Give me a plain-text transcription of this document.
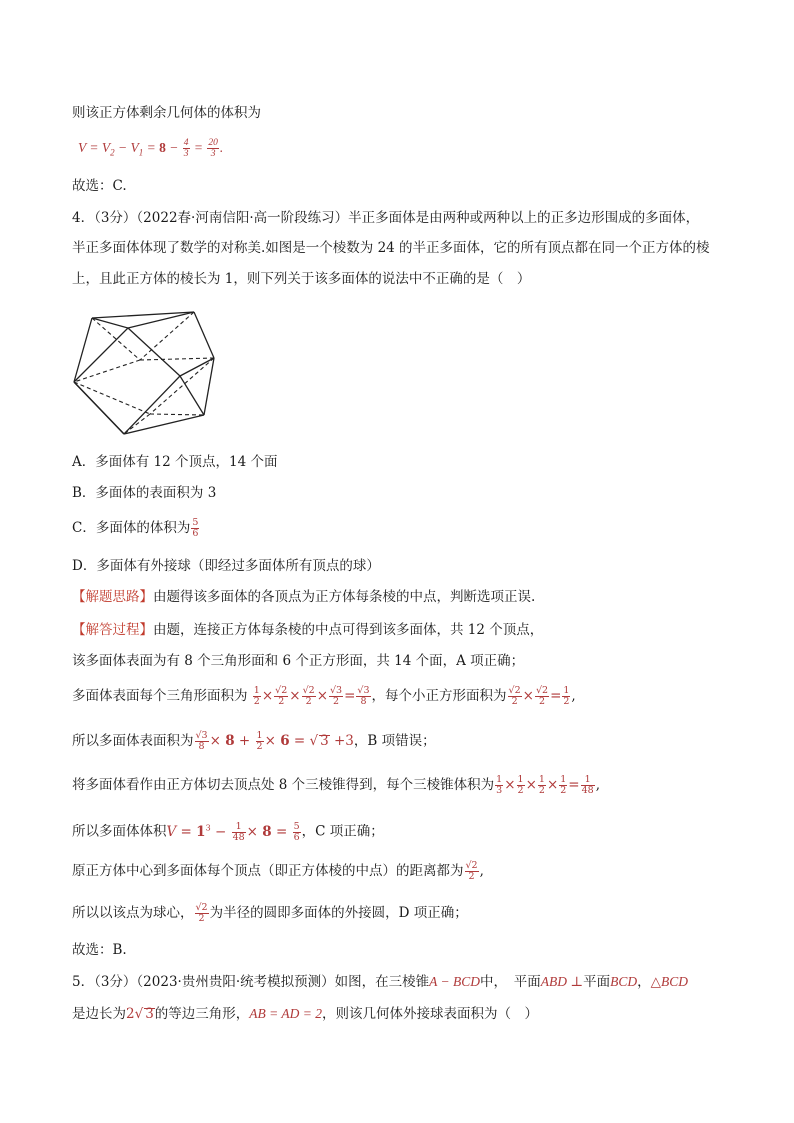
则该正方体剩余几何体的体积为
$V = V_2 - V_1 = 8 - \frac{4}{3} = \frac{20}{3}$ .
故选：C.
4．（3分）（2022春·河南信阳·高一阶段练习）半正多面体是由两种或两种以上的正多边形围成的多面体，
半正多面体体现了数学的对称美.如图是一个棱数为 24 的半正多面体，它的所有顶点都在同一个正方体的棱
上，且此正方体的棱长为 1，则下列关于该多面体的说法中不正确的是（　）
A．多面体有 12 个顶点，14 个面
B．多面体的表面积为 3
C．多面体的体积为 $\frac{5}{6}$
D．多面体有外接球（即经过多面体所有顶点的球）
【解题思路】由题得该多面体的各顶点为正方体每条棱的中点，判断选项正误.
【解答过程】由题，连接正方体每条棱的中点可得到该多面体，共 12 个顶点，
该多面体表面为有 8 个三角形面和 6 个正方形面，共 14 个面，A 项正确；
多面体表面每个三角形面积为 $\frac{1}{2} \times \frac{√2}{2} \times \frac{√2}{2} \times \frac{√3}{2} = \frac{√3}{8}$ ，每个小正方形面积为 $\frac{√2}{2} \times \frac{√2}{2} = \frac{1}{2}$ ,
所以多面体表面积为 $\frac{√3}{8} \times 8 + \frac{1}{2} \times 6$ = √ 3 +3，B 项错误；
将多面体看作由正方体切去顶点处 8 个三棱锥得到，每个三棱锥体积为 $\frac{1}{3} \times \frac{1}{2} \times \frac{1}{2} \times \frac{1}{2} = \frac{1}{48}$ ,
所以多面体体积$V = 1^3 - \frac{1}{48} \times 8 = \frac{5}{6}$ ，C 项正确；
原正方体中心到多面体每个顶点（即正方体棱的中点）的距离都为 $\frac{√2}{2}$ ,
所以以该点为球心， $\frac{√2}{2}$ 为半径的圆即多面体的外接圆，D 项正确；
故选：B.
5．（3分）（2023·贵州贵阳·统考模拟预测）如图，在三棱锥A − BCD中，　平面ABD ⊥平面BCD，△BCD
是边长为2√ 3的等边三角形，AB = AD = 2，则该几何体外接球表面积为（　）
